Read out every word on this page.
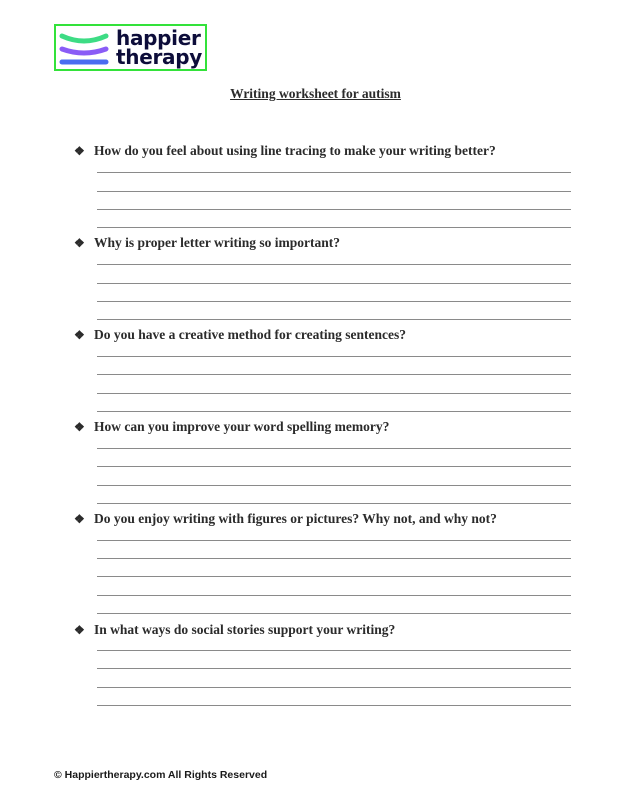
happier
therapy
Writing worksheet for autism
❖ How do you feel about using line tracing to make your writing better?
❖ Why is proper letter writing so important?
❖ Do you have a creative method for creating sentences?
❖ How can you improve your word spelling memory?
❖ Do you enjoy writing with figures or pictures? Why not, and why not?
❖ In what ways do social stories support your writing?
© Happiertherapy.com All Rights Reserved
